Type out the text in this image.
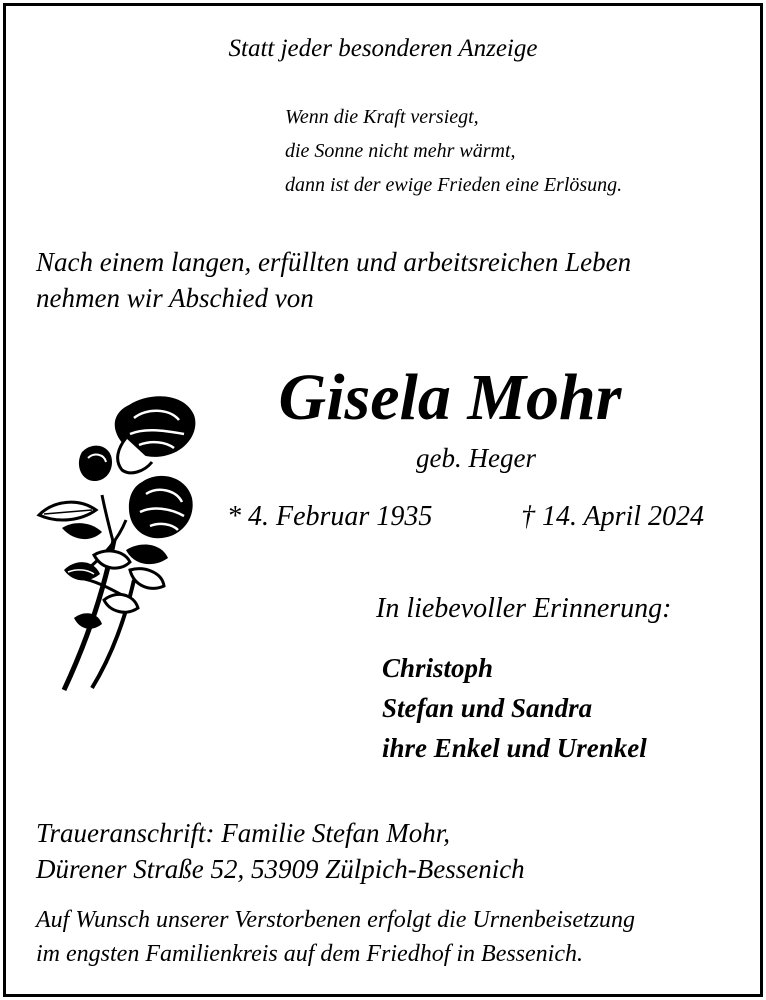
Statt jeder besonderen Anzeige
Wenn die Kraft versiegt,
die Sonne nicht mehr wärmt,
dann ist der ewige Frieden eine Erlösung.
Nach einem langen, erfüllten und arbeitsreichen Leben
nehmen wir Abschied von
Gisela Mohr
geb. Heger
* 4. Februar 1935	† 14. April 2024
In liebevoller Erinnerung:
Christoph
Stefan und Sandra
ihre Enkel und Urenkel
Traueranschrift: Familie Stefan Mohr,
Dürener Straße 52, 53909 Zülpich-Bessenich
Auf Wunsch unserer Verstorbenen erfolgt die Urnenbeisetzung
im engsten Familienkreis auf dem Friedhof in Bessenich.
